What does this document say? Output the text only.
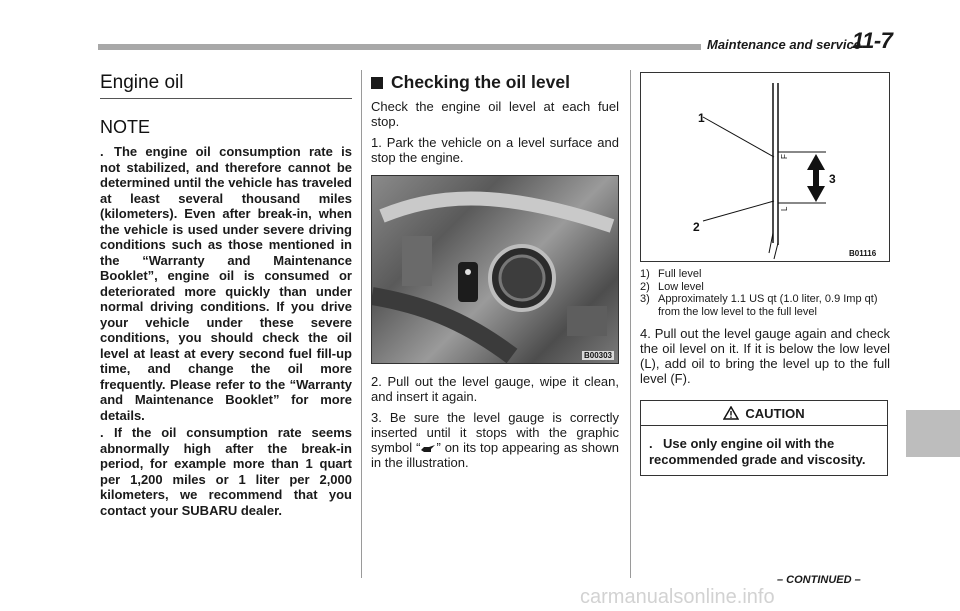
Maintenance and service
11-7
Engine oil
NOTE

. The engine oil consumption rate is not stabilized, and therefore cannot be determined until the vehicle has traveled at least several thousand miles (kilometers). Even after break-in, when the vehicle is used under severe driving conditions such as those mentioned in the “Warranty and Maintenance Booklet”, engine oil is consumed or deteriorated more quickly than under normal driving conditions. If you drive your vehicle under these severe conditions, you should check the oil level at least at every second fuel fill-up time, and change the oil more frequently. Please refer to the “Warranty and Maintenance Booklet” for more details.

. If the oil consumption rate seems abnormally high after the break-in period, for example more than 1 quart per 1,200 miles or 1 liter per 2,000 kilometers, we recommend that you contact your SUBARU dealer.

Checking the oil level

Check the engine oil level at each fuel stop.

1. Park the vehicle on a level surface and stop the engine.

B00303

2. Pull out the level gauge, wipe it clean, and insert it again.

3. Be sure the level gauge is correctly inserted until it stops with the graphic symbol “ ” on its top appearing as shown in the illustration.

1
2
3
F
L
B01116
1) Full level
2) Low level
3) Approximately 1.1 US qt (1.0 liter, 0.9 Imp qt) from the low level to the full level

4. Pull out the level gauge again and check the oil level on it. If it is below the low level (L), add oil to bring the level up to the full level (F).

CAUTION
. Use only engine oil with the recommended grade and viscosity.
– CONTINUED –
carmanualsonline.info
